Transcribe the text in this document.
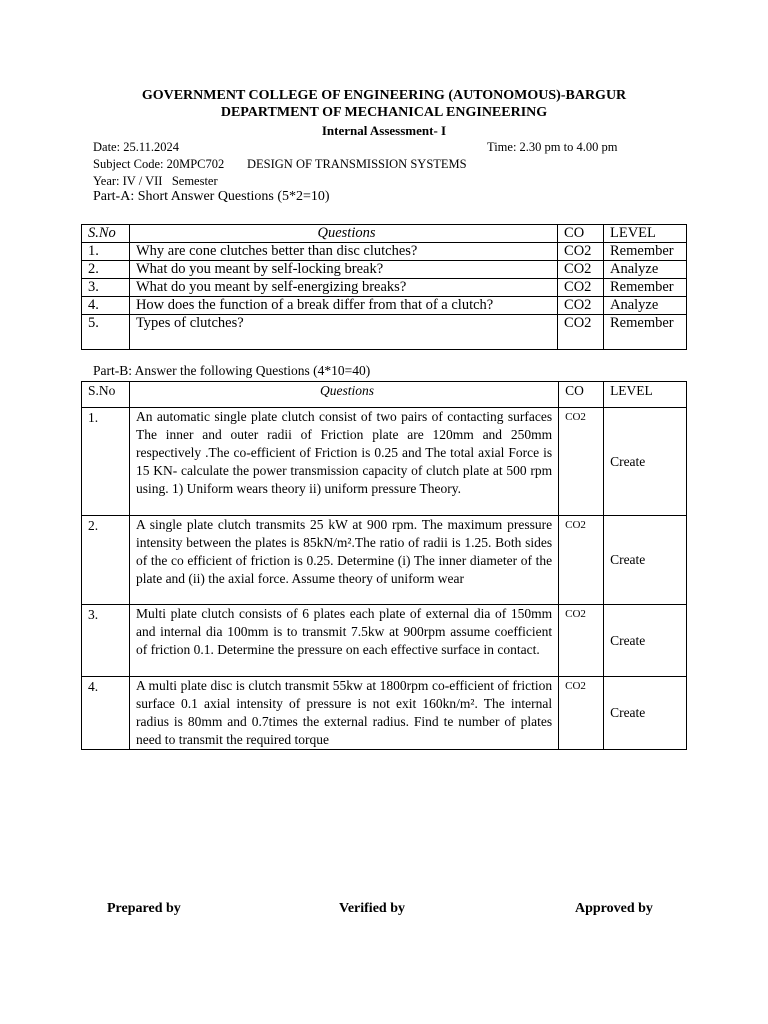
GOVERNMENT COLLEGE OF ENGINEERING (AUTONOMOUS)-BARGUR
DEPARTMENT OF MECHANICAL ENGINEERING
Internal Assessment- I
Date: 25.11.2024	Time: 2.30 pm to 4.00 pm
Subject Code: 20MPC702 DESIGN OF TRANSMISSION SYSTEMS
Year: IV / VII   Semester
Part-A: Short Answer Questions (5*2=10)
S.No	Questions	CO	LEVEL
1.	Why are cone clutches better than disc clutches?	CO2	Remember
2.	What do you meant by self-locking break?	CO2	Analyze
3.	What do you meant by self-energizing breaks?	CO2	Remember
4.	How does the function of a break differ from that of a clutch?	CO2	Analyze
5.	Types of clutches?	CO2	Remember
Part-B: Answer the following Questions (4*10=40)
S.No	Questions	CO	LEVEL
1.	An automatic single plate clutch consist of two pairs of contacting surfaces The inner and outer radii of Friction plate are 120mm and 250mm respectively .The co-efficient of Friction is 0.25 and The total axial Force is 15 KN- calculate the power transmission capacity of clutch plate at 500 rpm using. 1) Uniform wears theory ii) uniform pressure Theory.	CO2	Create
2.	A single plate clutch transmits 25 kW at 900 rpm. The maximum pressure intensity between the plates is 85kN/m².The ratio of radii is 1.25. Both sides of the co efficient of friction is 0.25. Determine (i) The inner diameter of the plate and (ii) the axial force. Assume theory of uniform wear	CO2	Create
3.	Multi plate clutch consists of 6 plates each plate of external dia of 150mm and internal dia 100mm is to transmit 7.5kw at 900rpm assume coefficient of friction 0.1. Determine the pressure on each effective surface in contact.	CO2	Create
4.	A multi plate disc is clutch transmit 55kw at 1800rpm co-efficient of friction surface 0.1 axial intensity of pressure is not exit 160kn/m². The internal radius is 80mm and 0.7times the external radius. Find te number of plates need to transmit the required torque	CO2	Create
Prepared by	Verified by	Approved by
